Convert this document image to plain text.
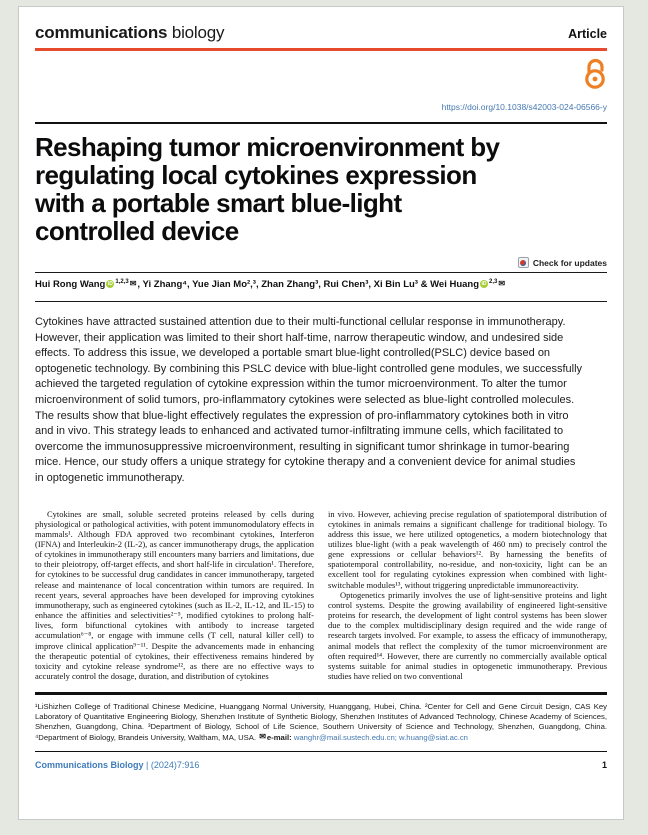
communications biology	Article
https://doi.org/10.1038/s42003-024-06566-y
Reshaping tumor microenvironment by
regulating local cytokines expression
with a portable smart blue-light
controlled device
Check for updates
Hui Rong Wang iD $^{1,2,3}$✉, Yi Zhang⁴, Yue Jian Mo²,³, Zhan Zhang³, Rui Chen³, Xi Bin Lu³ & Wei Huang iD $^{2,3}$✉
Cytokines have attracted sustained attention due to their multi-functional cellular response in immunotherapy. However, their application was limited to their short half-time, narrow therapeutic window, and undesired side effects. To address this issue, we developed a portable smart blue-light controlled(PSLC) device based on optogenetic technology. By combining this PSLC device with blue-light controlled gene modules, we successfully achieved the targeted regulation of cytokine expression within the tumor microenvironment. To alter the tumor microenvironment of solid tumors, pro-inflammatory cytokines were selected as blue-light controlled molecules. The results show that blue-light effectively regulates the expression of pro-inflammatory cytokines both in vitro and in vivo. This strategy leads to enhanced and activated tumor-infiltrating immune cells, which facilitated to overcome the immunosuppressive microenvironment, resulting in significant tumor shrinkage in tumor-bearing mice. Hence, our study offers a unique strategy for cytokine therapy and a convenient device for animal studies in optogenetic immunotherapy.

Cytokines are small, soluble secreted proteins released by cells during physiological or pathological activities, with potent immunomodulatory effects in mammals¹. Although FDA approved two recombinant cytokines, Interferon (IFNA) and Interleukin-2 (IL-2), as cancer immunotherapy drugs, the application of cytokines in immunotherapy still encounters many barriers and limitations, due to their pleiotropy, off-target effects, and short half-life in circulation¹. Therefore, for cytokines to be successful drug candidates in cancer immunotherapy, targeted release and maintenance of local concentration within tumors are required. In recent years, several approaches have been developed for improving cytokines immunotherapy, such as engineered cytokines (such as IL-2, IL-12, and IL-15) to enhance the affinities and selectivities²⁻⁵, modified cytokines to prolong half-lives, form bifunctional cytokines with antibody to increase targeted accumulation⁶⁻⁸, or engage with immune cells (T cell, natural killer cell) to improve clinical application⁹⁻¹¹. Despite the advancements made in enhancing the therapeutic potential of cytokines, their effectiveness remains hindered by toxicity and cytokine release syndrome¹², as there are no effective ways to accurately control the dosage, duration, and distribution of cytokines

in vivo. However, achieving precise regulation of spatiotemporal distribution of cytokines in animals remains a significant challenge for traditional biology. To address this issue, we here utilized optogenetics, a modern biotechnology that utilizes blue-light (with a peak wavelength of 460 nm) to precisely control the gene expressions or cellular behaviors¹². By harnessing the benefits of spatiotemporal controllability, no-residue, and non-toxicity, light can be an excellent tool for regulating cytokines expression when combined with light-switchable modules¹³, without triggering unpredictable immunoreactivity.

Optogenetics primarily involves the use of light-sensitive proteins and light control systems. Despite the growing availability of engineered light-sensitive proteins for research, the development of light control systems has been slower due to the complex multidisciplinary design required and the wide range of research targets involved. For example, to assess the efficacy of immunotherapy, animal models that reflect the complexity of the tumor microenvironment are often required¹⁴. However, there are currently no commercially available optical systems suitable for animal studies in optogenetic immunotherapy. Previous studies have relied on two conventional

¹LiShizhen College of Traditional Chinese Medicine, Huanggang Normal University, Huanggang, Hubei, China. ²Center for Cell and Gene Circuit Design, CAS Key Laboratory of Quantitative Engineering Biology, Shenzhen Institute of Synthetic Biology, Shenzhen Institutes of Advanced Technology, Chinese Academy of Sciences, Shenzhen, Guangdong, China. ³Department of Biology, School of Life Science, Southern University of Science and Technology, Shenzhen, Guangdong, China. ⁴Department of Biology, Brandeis University, Waltham, MA, USA. ✉e-mail: wanghr@mail.sustech.edu.cn; w.huang@siat.ac.cn
Communications Biology | (2024)7:916	1
